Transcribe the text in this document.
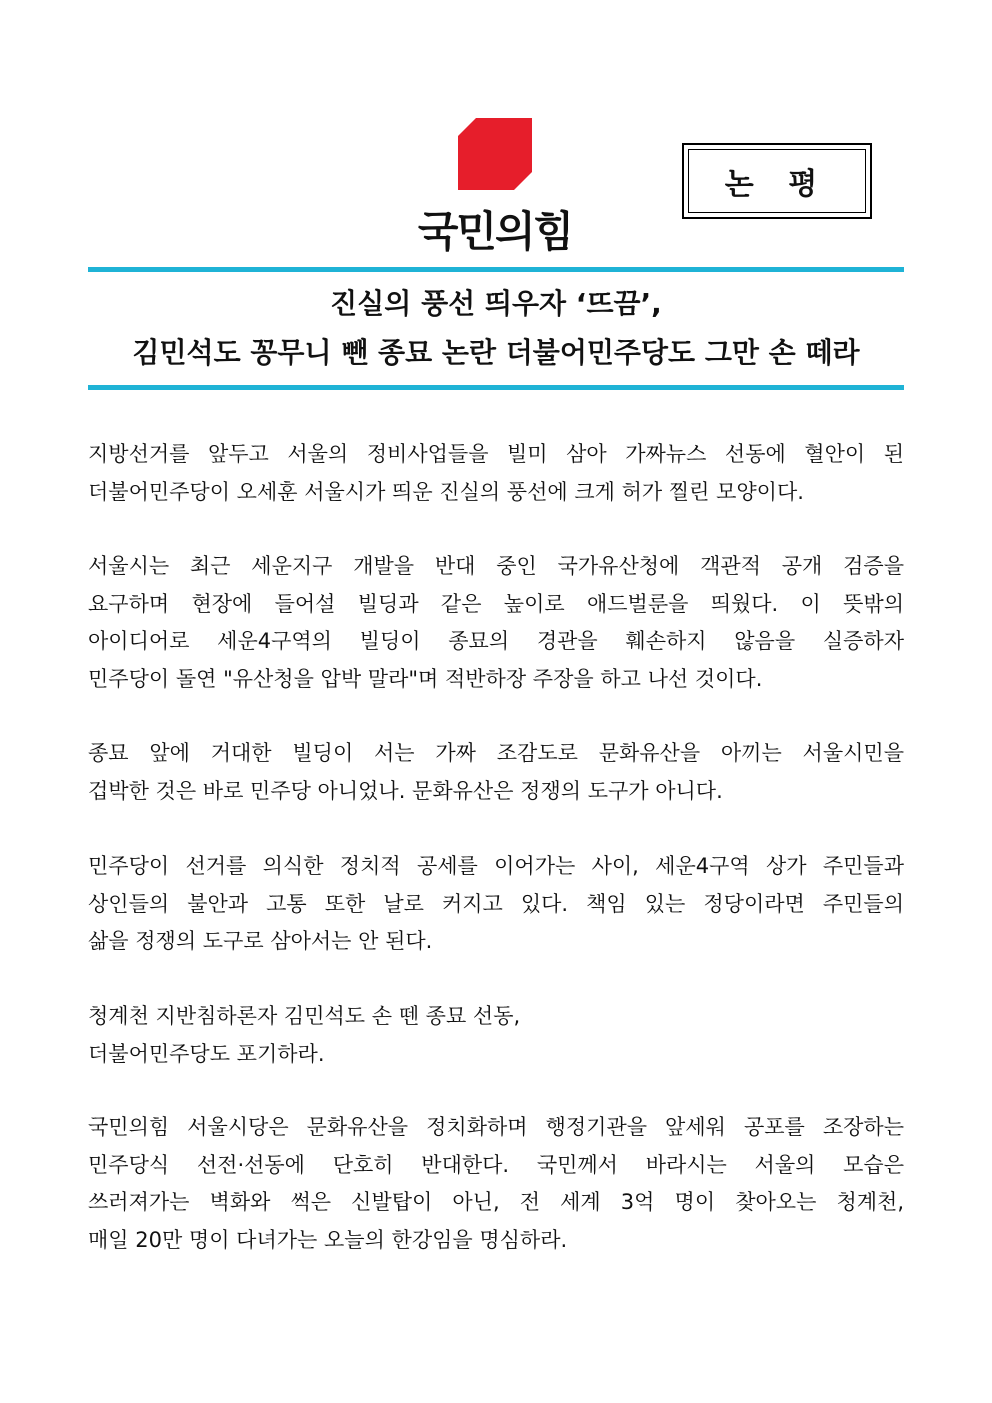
국민의힘
논 평
진실의 풍선 띄우자 ‘뜨끔’,
김민석도 꽁무니 뺀 종묘 논란 더불어민주당도 그만 손 떼라
지방선거를 앞두고 서울의 정비사업들을 빌미 삼아 가짜뉴스 선동에 혈안이 된
더불어민주당이 오세훈 서울시가 띄운 진실의 풍선에 크게 허가 찔린 모양이다.
서울시는 최근 세운지구 개발을 반대 중인 국가유산청에 객관적 공개 검증을
요구하며 현장에 들어설 빌딩과 같은 높이로 애드벌룬을 띄웠다. 이 뜻밖의
아이디어로 세운4구역의 빌딩이 종묘의 경관을 훼손하지 않음을 실증하자
민주당이 돌연 "유산청을 압박 말라"며 적반하장 주장을 하고 나선 것이다.
종묘 앞에 거대한 빌딩이 서는 가짜 조감도로 문화유산을 아끼는 서울시민을
겁박한 것은 바로 민주당 아니었나. 문화유산은 정쟁의 도구가 아니다.
민주당이 선거를 의식한 정치적 공세를 이어가는 사이, 세운4구역 상가 주민들과
상인들의 불안과 고통 또한 날로 커지고 있다. 책임 있는 정당이라면 주민들의
삶을 정쟁의 도구로 삼아서는 안 된다.
청계천 지반침하론자 김민석도 손 뗀 종묘 선동,
더불어민주당도 포기하라.
국민의힘 서울시당은 문화유산을 정치화하며 행정기관을 앞세워 공포를 조장하는
민주당식 선전·선동에 단호히 반대한다. 국민께서 바라시는 서울의 모습은
쓰러져가는 벽화와 썩은 신발탑이 아닌, 전 세계 3억 명이 찾아오는 청계천,
매일 20만 명이 다녀가는 오늘의 한강임을 명심하라.
